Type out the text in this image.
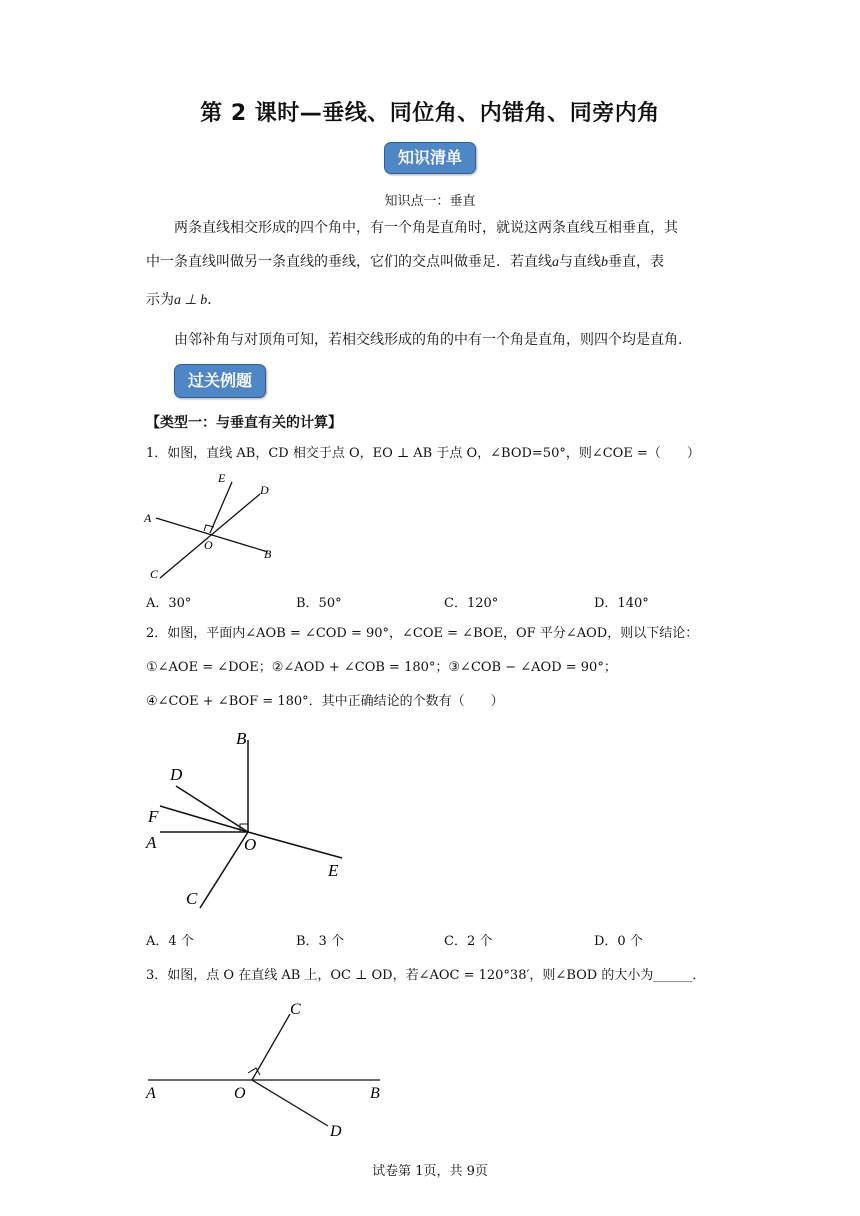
第 2 课时—垂线、同位角、内错角、同旁内角
知识清单
知识点一：垂直
两条直线相交形成的四个角中，有一个角是直角时，就说这两条直线互相垂直，其
中一条直线叫做另一条直线的垂线，它们的交点叫做垂足．若直线a与直线b垂直，表
示为a ⊥ b．
由邻补角与对顶角可知，若相交线形成的角的中有一个角是直角，则四个均是直角．
过关例题
【类型一：与垂直有关的计算】
1．如图，直线 AB，CD 相交于点 O，EO ⊥ AB 于点 O，∠BOD=50°，则∠COE =（　　）
A
B
C
D
E
O
A．30°	B．50°	C．120°	D．140°
2．如图，平面内∠AOB = ∠COD = 90°，∠COE = ∠BOE，OF 平分∠AOD，则以下结论：
①∠AOE = ∠DOE；②∠AOD + ∠COB = 180°；③∠COB − ∠AOD = 90°；
④∠COE + ∠BOF = 180°．其中正确结论的个数有（　　）
B
D
F
A	O
E
C
A．4 个	B．3 个	C．2 个	D．0 个
3．如图，点 O 在直线 AB 上，OC ⊥ OD，若∠AOC = 120°38′，则∠BOD 的大小为______．
C
A	O	B
D
试卷第 1页，共 9页
